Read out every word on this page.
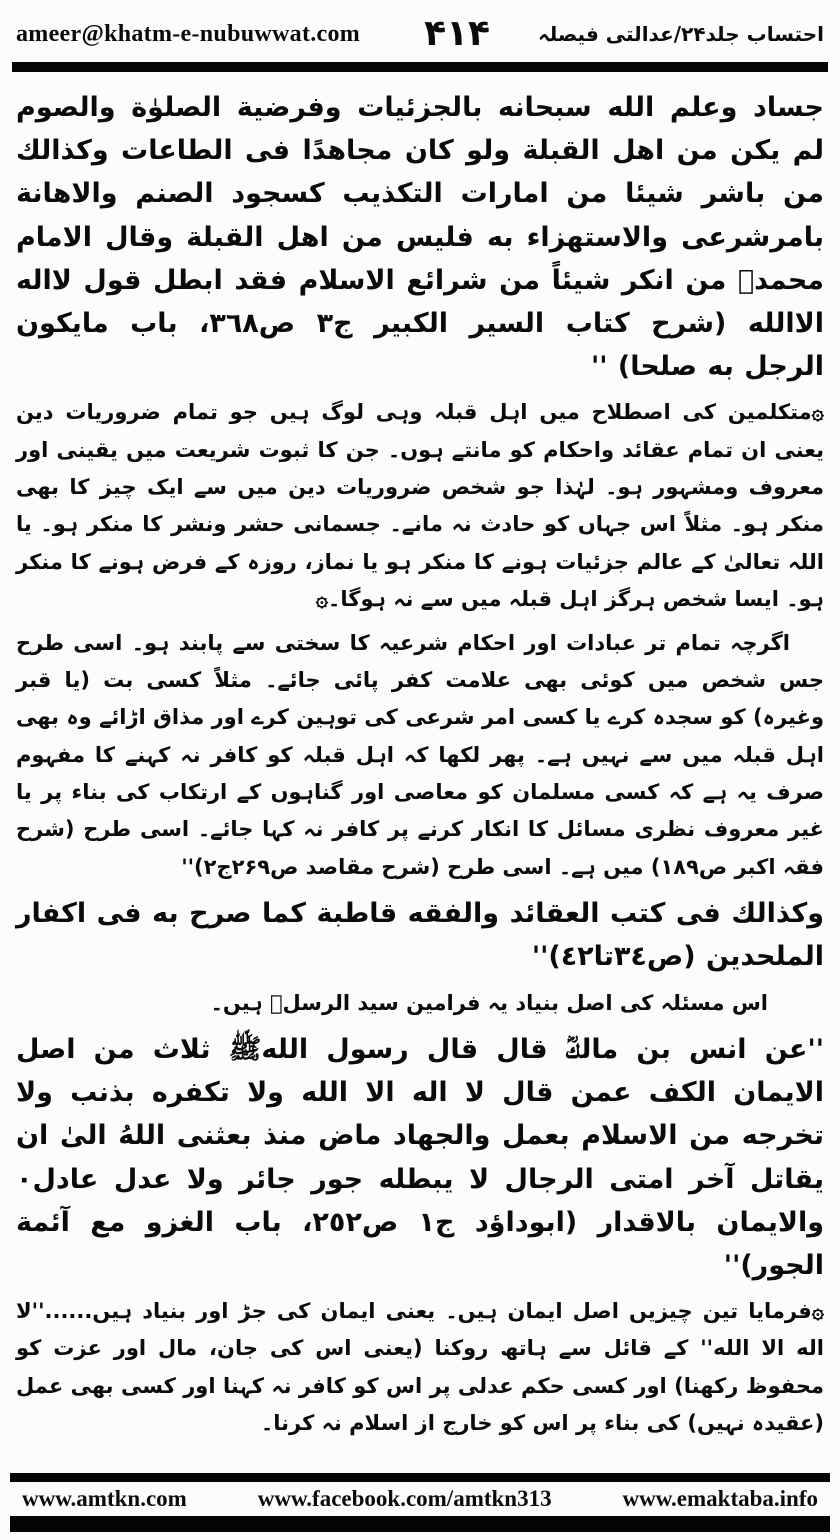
ameer@khatm-e-nubuwwat.com ۴۱۴ احتساب جلد۲۴/عدالتی فیصلہ

جساد وعلم الله سبحانه بالجزئيات وفرضية الصلوٰة والصوم لم يكن من اهل القبلة ولو كان مجاهدًا فى الطاعات وكذالك من باشر شيئا من امارات التكذيب كسجود الصنم والاهانة بامرشرعى والاستهزاء به فليس من اهل القبلة وقال الامام محمدؒ من انكر شيئاً من شرائع الاسلام فقد ابطل قول لااله الاالله (شرح كتاب السير الكبير ج٣ ص٣٦٨، باب مايكون الرجل به صلحا) ''

۞متکلمین کی اصطلاح میں اہل قبلہ وہی لوگ ہیں جو تمام ضروریات دین یعنی ان تمام عقائد واحکام کو مانتے ہوں۔ جن کا ثبوت شریعت میں یقینی اور معروف ومشہور ہو۔ لہٰذا جو شخص ضروریات دین میں سے ایک چیز کا بھی منکر ہو۔ مثلاً اس جہاں کو حادث نہ مانے۔ جسمانی حشر ونشر کا منکر ہو۔ یا اللہ تعالیٰ کے عالم جزئیات ہونے کا منکر ہو یا نماز، روزہ کے فرض ہونے کا منکر ہو۔ ایسا شخص ہرگز اہل قبلہ میں سے نہ ہوگا۔۞

اگرچہ تمام تر عبادات اور احکام شرعیہ کا سختی سے پابند ہو۔ اسی طرح جس شخص میں کوئی بھی علامت کفر پائی جائے۔ مثلاً کسی بت (یا قبر وغیرہ) کو سجدہ کرے یا کسی امر شرعی کی توہین کرے اور مذاق اڑائے وہ بھی اہل قبلہ میں سے نہیں ہے۔ پھر لکھا کہ اہل قبلہ کو کافر نہ کہنے کا مفہوم صرف یہ ہے کہ کسی مسلمان کو معاصی اور گناہوں کے ارتکاب کی بناء پر یا غیر معروف نظری مسائل کا انکار کرنے پر کافر نہ کہا جائے۔ اسی طرح (شرح فقہ اکبر ص۱۸۹) میں ہے۔ اسی طرح (شرح مقاصد ص۲۶۹ج۲)''

وكذالك فى كتب العقائد والفقه قاطبة كما صرح به فى اكفار الملحدين (ص٣٤تا٤٢)''

اس مسئلہ کی اصل بنیاد یہ فرامین سید الرسلؐ ہیں۔

''عن انس بن مالكؓ قال قال رسول اللهﷺ ثلاث من اصل الايمان الكف عمن قال لا اله الا الله ولا تكفره بذنب ولا تخرجه من الاسلام بعمل والجهاد ماض منذ بعثنى اللهُ الىٰ ان يقاتل آخر امتى الرجال لا يبطله جور جائر ولا عدل عادل۰ والايمان بالاقدار (ابوداؤد ج١ ص٢٥٢، باب الغزو مع آئمة الجور)''

۞فرمایا تین چیزیں اصل ایمان ہیں۔ یعنی ایمان کی جڑ اور بنیاد ہیں......''لا اله الا الله'' کے قائل سے ہاتھ روکنا (یعنی اس کی جان، مال اور عزت کو محفوظ رکھنا) اور کسی حکم عدلی پر اس کو کافر نہ کہنا اور کسی بھی عمل (عقیدہ نہیں) کی بناء پر اس کو خارج از اسلام نہ کرنا۔

www.amtkn.com	www.facebook.com/amtkn313	www.emaktaba.info
